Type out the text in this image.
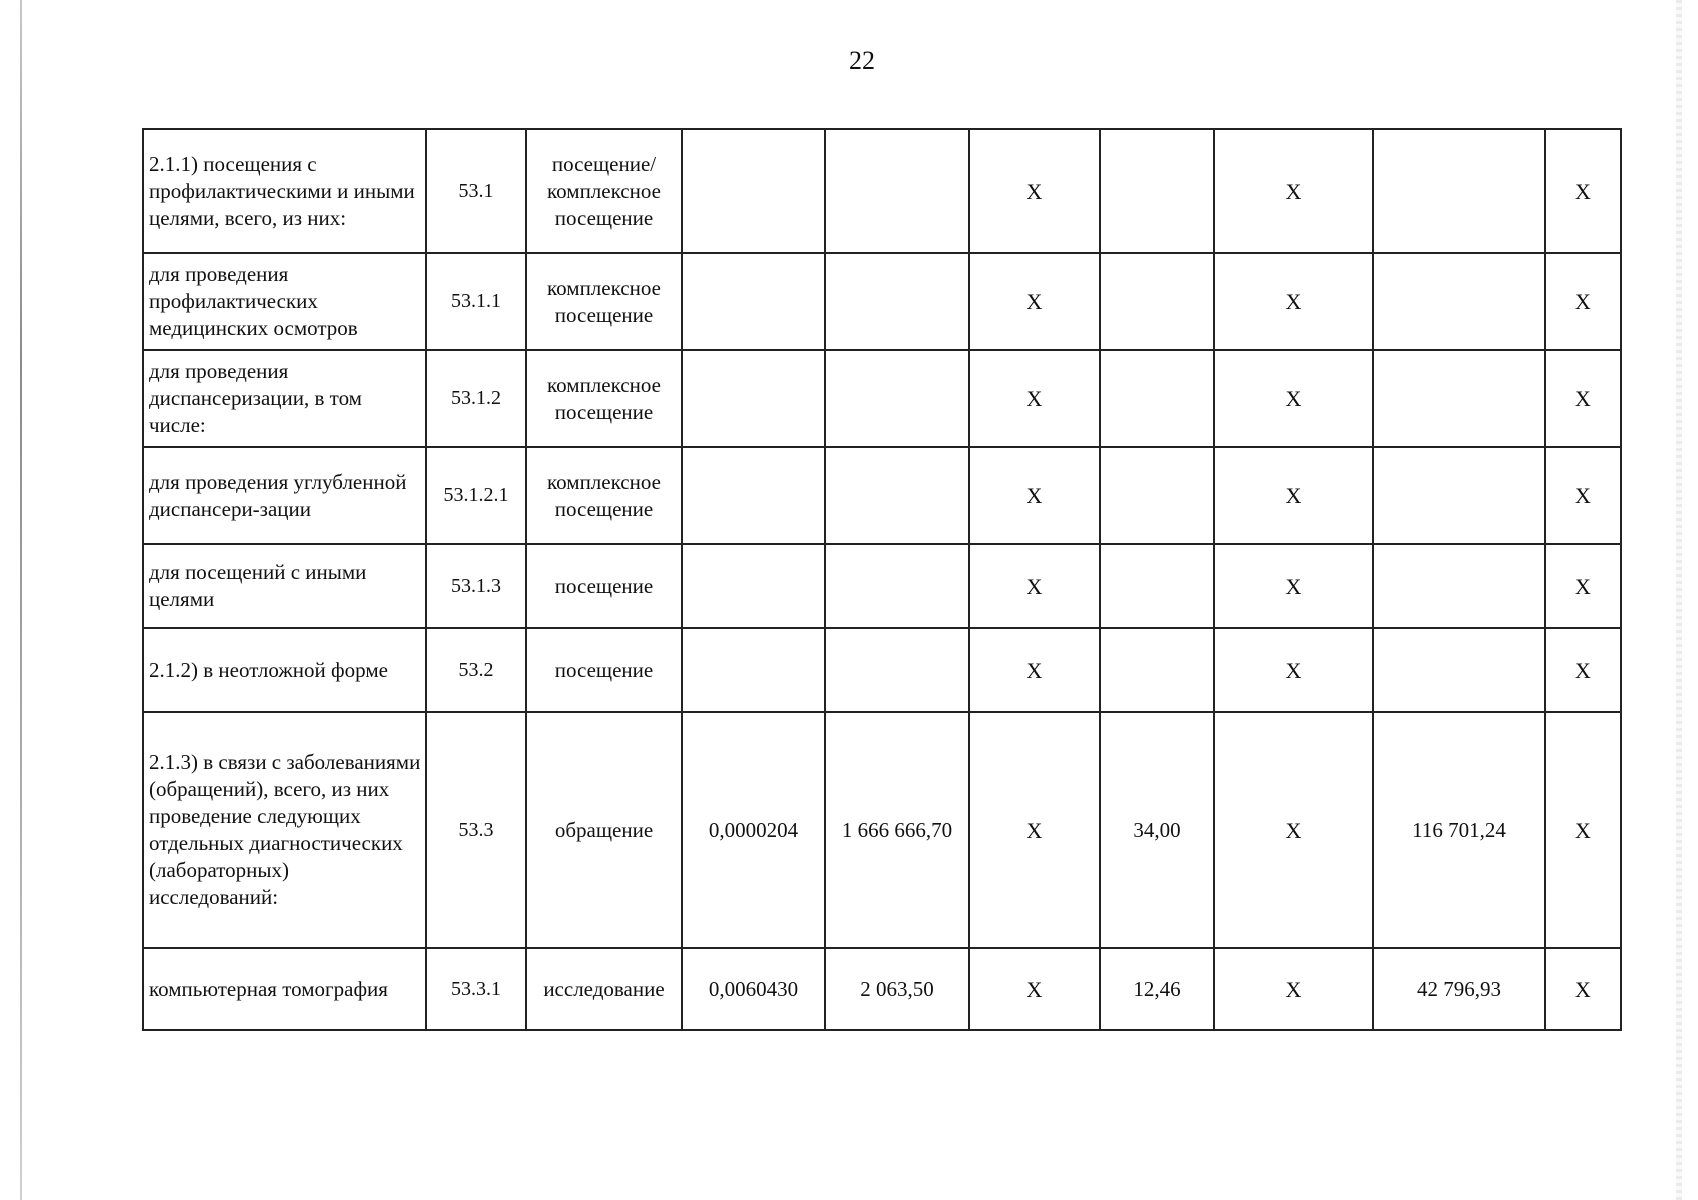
22
2.1.1) посещения с профилактическими и иными целями, всего, из них:	53.1	посещение/ комплексное посещение			X		X		X
для проведения профилактических медицинских осмотров	53.1.1	комплексное посещение			X		X		X
для проведения диспансеризации, в том числе:	53.1.2	комплексное посещение			X		X		X
для проведения углубленной диспансери-зации	53.1.2.1	комплексное посещение			X		X		X
для посещений с иными целями	53.1.3	посещение			X		X		X
2.1.2) в неотложной форме	53.2	посещение			X		X		X
2.1.3) в связи с заболеваниями (обращений), всего, из них проведение следующих отдельных диагностических (лабораторных) исследований:	53.3	обращение	0,0000204	1 666 666,70	X	34,00	X	116 701,24	X
компьютерная томография	53.3.1	исследование	0,0060430	2 063,50	X	12,46	X	42 796,93	X
